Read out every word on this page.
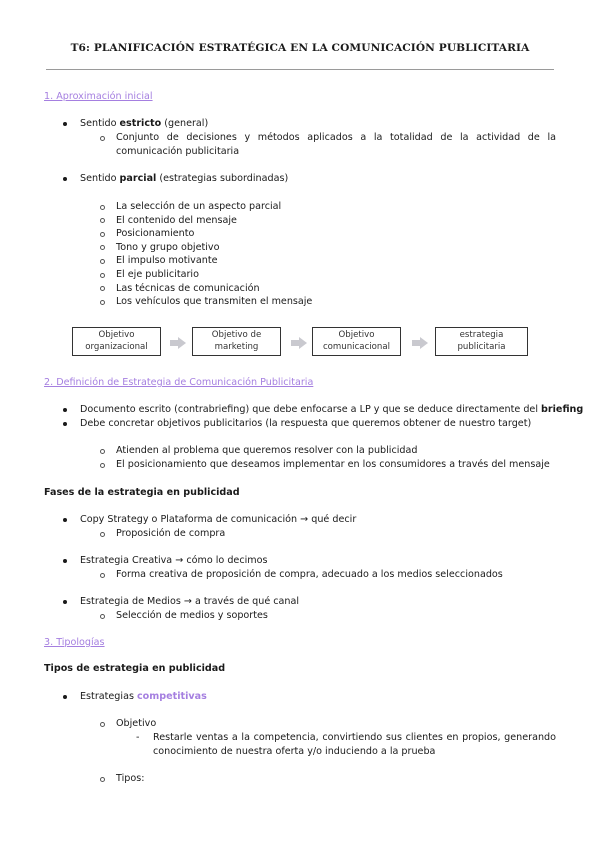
T6: PLANIFICACIÓN ESTRATÉGICA EN LA COMUNICACIÓN PUBLICITARIA
1. Aproximación inicial
Sentido estricto (general)
Conjunto de decisiones y métodos aplicados a la totalidad de la actividad de la comunicación publicitaria
Sentido parcial (estrategias subordinadas)
La selección de un aspecto parcial
El contenido del mensaje
Posicionamiento
Tono y grupo objetivo
El impulso motivante
El eje publicitario
Las técnicas de comunicación
Los vehículos que transmiten el mensaje
Objetivo
organizacional
Objetivo de
marketing
Objetivo
comunicacional
estrategia
publicitaria
2. Definición de Estrategia de Comunicación Publicitaria
Documento escrito (contrabriefing) que debe enfocarse a LP y que se deduce directamente del briefing
Debe concretar objetivos publicitarios (la respuesta que queremos obtener de nuestro target)
Atienden al problema que queremos resolver con la publicidad
El posicionamiento que deseamos implementar en los consumidores a través del mensaje
Fases de la estrategia en publicidad
Copy Strategy o Plataforma de comunicación → qué decir
Proposición de compra
Estrategia Creativa → cómo lo decimos
Forma creativa de proposición de compra, adecuado a los medios seleccionados
Estrategia de Medios → a través de qué canal
Selección de medios y soportes
3. Tipologías
Tipos de estrategia en publicidad
Estrategias competitivas
Objetivo
- Restarle ventas a la competencia, convirtiendo sus clientes en propios, generando conocimiento de nuestra oferta y/o induciendo a la prueba
Tipos:
